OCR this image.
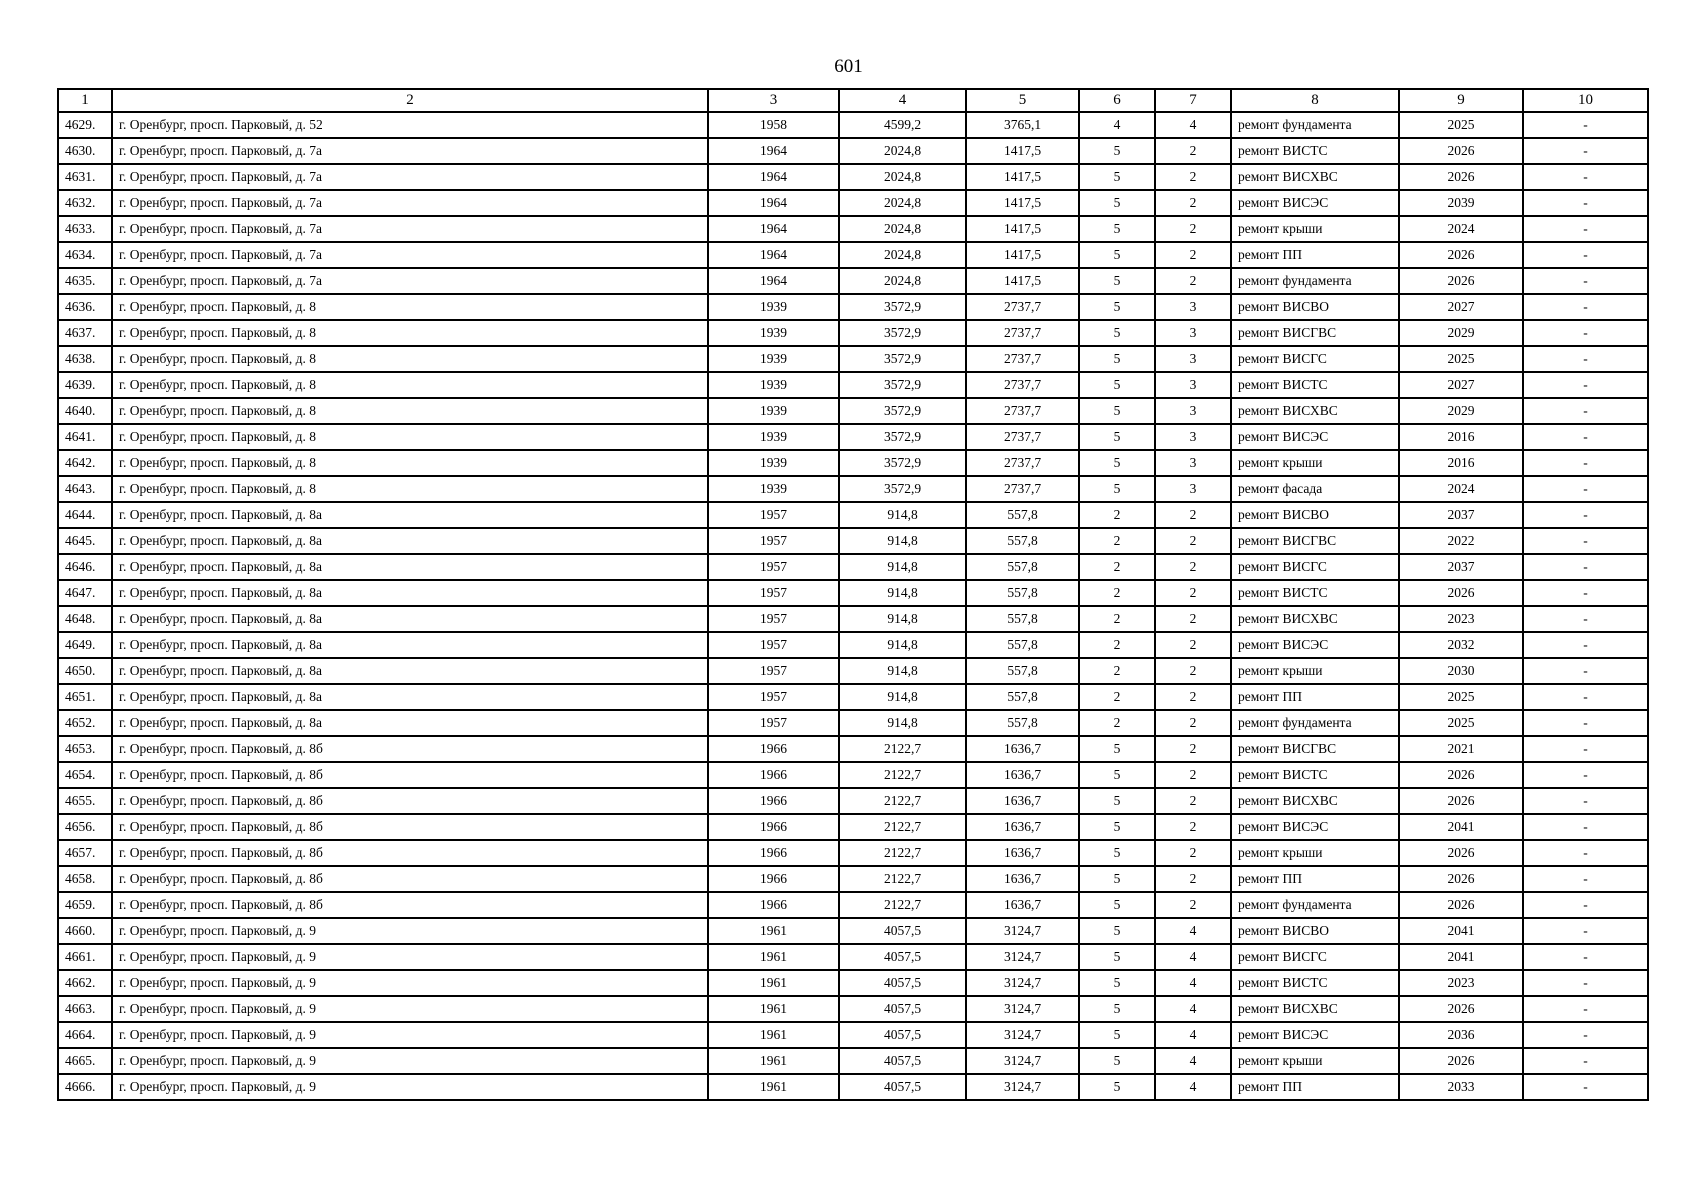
601
1	2	3	4	5	6	7	8	9	10
4629.	г. Оренбург, просп. Парковый, д. 52	1958	4599,2	3765,1	4	4	ремонт фундамента	2025	-
4630.	г. Оренбург, просп. Парковый, д. 7а	1964	2024,8	1417,5	5	2	ремонт ВИСТС	2026	-
4631.	г. Оренбург, просп. Парковый, д. 7а	1964	2024,8	1417,5	5	2	ремонт ВИСХВС	2026	-
4632.	г. Оренбург, просп. Парковый, д. 7а	1964	2024,8	1417,5	5	2	ремонт ВИСЭС	2039	-
4633.	г. Оренбург, просп. Парковый, д. 7а	1964	2024,8	1417,5	5	2	ремонт крыши	2024	-
4634.	г. Оренбург, просп. Парковый, д. 7а	1964	2024,8	1417,5	5	2	ремонт ПП	2026	-
4635.	г. Оренбург, просп. Парковый, д. 7а	1964	2024,8	1417,5	5	2	ремонт фундамента	2026	-
4636.	г. Оренбург, просп. Парковый, д. 8	1939	3572,9	2737,7	5	3	ремонт ВИСВО	2027	-
4637.	г. Оренбург, просп. Парковый, д. 8	1939	3572,9	2737,7	5	3	ремонт ВИСГВС	2029	-
4638.	г. Оренбург, просп. Парковый, д. 8	1939	3572,9	2737,7	5	3	ремонт ВИСГС	2025	-
4639.	г. Оренбург, просп. Парковый, д. 8	1939	3572,9	2737,7	5	3	ремонт ВИСТС	2027	-
4640.	г. Оренбург, просп. Парковый, д. 8	1939	3572,9	2737,7	5	3	ремонт ВИСХВС	2029	-
4641.	г. Оренбург, просп. Парковый, д. 8	1939	3572,9	2737,7	5	3	ремонт ВИСЭС	2016	-
4642.	г. Оренбург, просп. Парковый, д. 8	1939	3572,9	2737,7	5	3	ремонт крыши	2016	-
4643.	г. Оренбург, просп. Парковый, д. 8	1939	3572,9	2737,7	5	3	ремонт фасада	2024	-
4644.	г. Оренбург, просп. Парковый, д. 8а	1957	914,8	557,8	2	2	ремонт ВИСВО	2037	-
4645.	г. Оренбург, просп. Парковый, д. 8а	1957	914,8	557,8	2	2	ремонт ВИСГВС	2022	-
4646.	г. Оренбург, просп. Парковый, д. 8а	1957	914,8	557,8	2	2	ремонт ВИСГС	2037	-
4647.	г. Оренбург, просп. Парковый, д. 8а	1957	914,8	557,8	2	2	ремонт ВИСТС	2026	-
4648.	г. Оренбург, просп. Парковый, д. 8а	1957	914,8	557,8	2	2	ремонт ВИСХВС	2023	-
4649.	г. Оренбург, просп. Парковый, д. 8а	1957	914,8	557,8	2	2	ремонт ВИСЭС	2032	-
4650.	г. Оренбург, просп. Парковый, д. 8а	1957	914,8	557,8	2	2	ремонт крыши	2030	-
4651.	г. Оренбург, просп. Парковый, д. 8а	1957	914,8	557,8	2	2	ремонт ПП	2025	-
4652.	г. Оренбург, просп. Парковый, д. 8а	1957	914,8	557,8	2	2	ремонт фундамента	2025	-
4653.	г. Оренбург, просп. Парковый, д. 8б	1966	2122,7	1636,7	5	2	ремонт ВИСГВС	2021	-
4654.	г. Оренбург, просп. Парковый, д. 8б	1966	2122,7	1636,7	5	2	ремонт ВИСТС	2026	-
4655.	г. Оренбург, просп. Парковый, д. 8б	1966	2122,7	1636,7	5	2	ремонт ВИСХВС	2026	-
4656.	г. Оренбург, просп. Парковый, д. 8б	1966	2122,7	1636,7	5	2	ремонт ВИСЭС	2041	-
4657.	г. Оренбург, просп. Парковый, д. 8б	1966	2122,7	1636,7	5	2	ремонт крыши	2026	-
4658.	г. Оренбург, просп. Парковый, д. 8б	1966	2122,7	1636,7	5	2	ремонт ПП	2026	-
4659.	г. Оренбург, просп. Парковый, д. 8б	1966	2122,7	1636,7	5	2	ремонт фундамента	2026	-
4660.	г. Оренбург, просп. Парковый, д. 9	1961	4057,5	3124,7	5	4	ремонт ВИСВО	2041	-
4661.	г. Оренбург, просп. Парковый, д. 9	1961	4057,5	3124,7	5	4	ремонт ВИСГС	2041	-
4662.	г. Оренбург, просп. Парковый, д. 9	1961	4057,5	3124,7	5	4	ремонт ВИСТС	2023	-
4663.	г. Оренбург, просп. Парковый, д. 9	1961	4057,5	3124,7	5	4	ремонт ВИСХВС	2026	-
4664.	г. Оренбург, просп. Парковый, д. 9	1961	4057,5	3124,7	5	4	ремонт ВИСЭС	2036	-
4665.	г. Оренбург, просп. Парковый, д. 9	1961	4057,5	3124,7	5	4	ремонт крыши	2026	-
4666.	г. Оренбург, просп. Парковый, д. 9	1961	4057,5	3124,7	5	4	ремонт ПП	2033	-
